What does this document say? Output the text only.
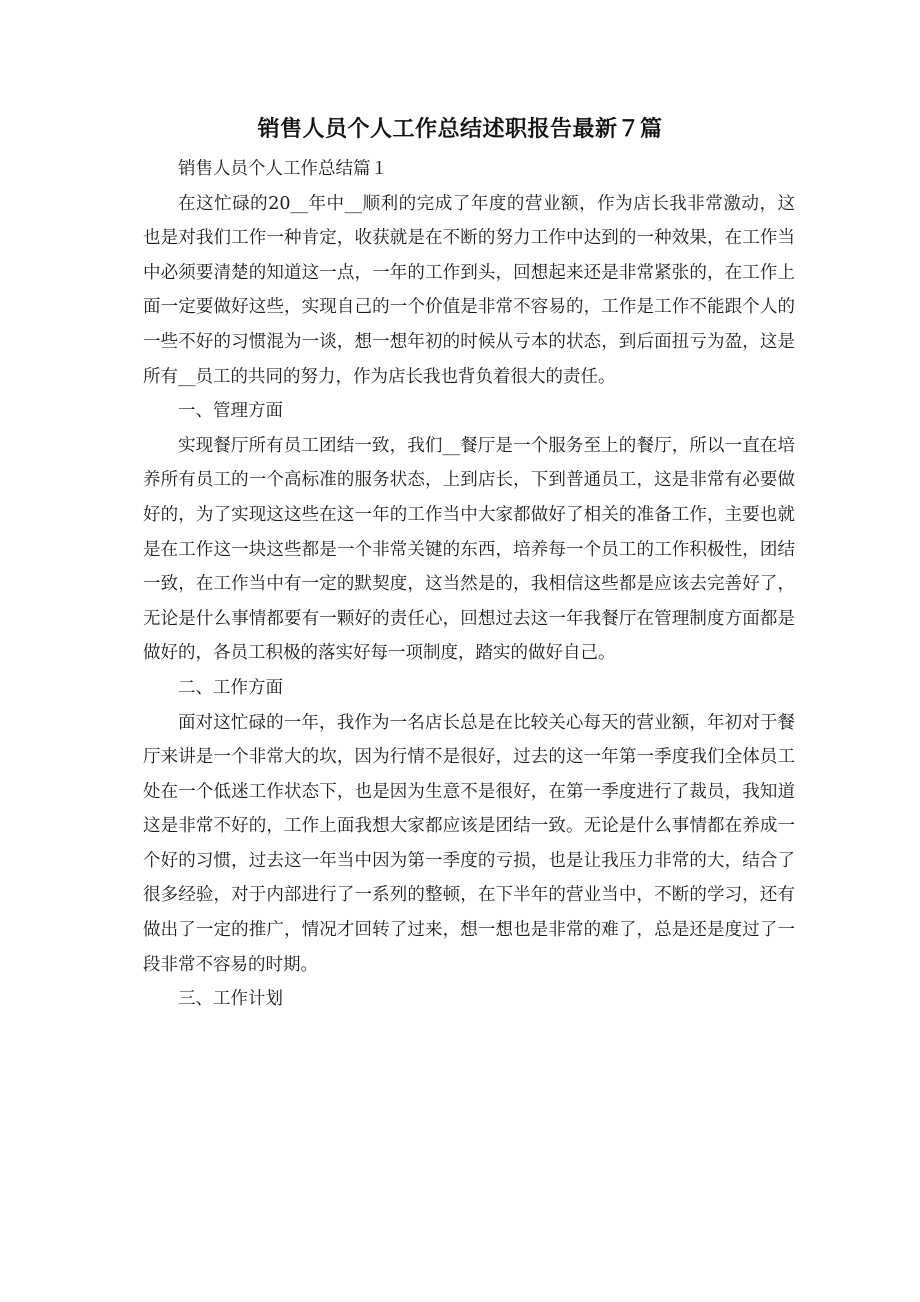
销售人员个人工作总结述职报告最新７篇

销售人员个人工作总结篇１

在这忙碌的20__年中__顺利的完成了年度的营业额，作为店长我非常激动，这也是对我们工作一种肯定，收获就是在不断的努力工作中达到的一种效果，在工作当中必须要清楚的知道这一点，一年的工作到头，回想起来还是非常紧张的，在工作上面一定要做好这些，实现自己的一个价值是非常不容易的，工作是工作不能跟个人的一些不好的习惯混为一谈，想一想年初的时候从亏本的状态，到后面扭亏为盈，这是所有__员工的共同的努力，作为店长我也背负着很大的责任。

一、管理方面

实现餐厅所有员工团结一致，我们__餐厅是一个服务至上的餐厅，所以一直在培养所有员工的一个高标准的服务状态，上到店长，下到普通员工，这是非常有必要做好的，为了实现这这些在这一年的工作当中大家都做好了相关的准备工作，主要也就是在工作这一块这些都是一个非常关键的东西，培养每一个员工的工作积极性，团结一致，在工作当中有一定的默契度，这当然是的，我相信这些都是应该去完善好了，无论是什么事情都要有一颗好的责任心，回想过去这一年我餐厅在管理制度方面都是做好的，各员工积极的落实好每一项制度，踏实的做好自己。

二、工作方面

面对这忙碌的一年，我作为一名店长总是在比较关心每天的营业额，年初对于餐厅来讲是一个非常大的坎，因为行情不是很好，过去的这一年第一季度我们全体员工处在一个低迷工作状态下，也是因为生意不是很好，在第一季度进行了裁员，我知道这是非常不好的，工作上面我想大家都应该是团结一致。无论是什么事情都在养成一个好的习惯，过去这一年当中因为第一季度的亏损，也是让我压力非常的大，结合了很多经验，对于内部进行了一系列的整顿，在下半年的营业当中，不断的学习，还有做出了一定的推广，情况才回转了过来，想一想也是非常的难了，总是还是度过了一段非常不容易的时期。

三、工作计划
